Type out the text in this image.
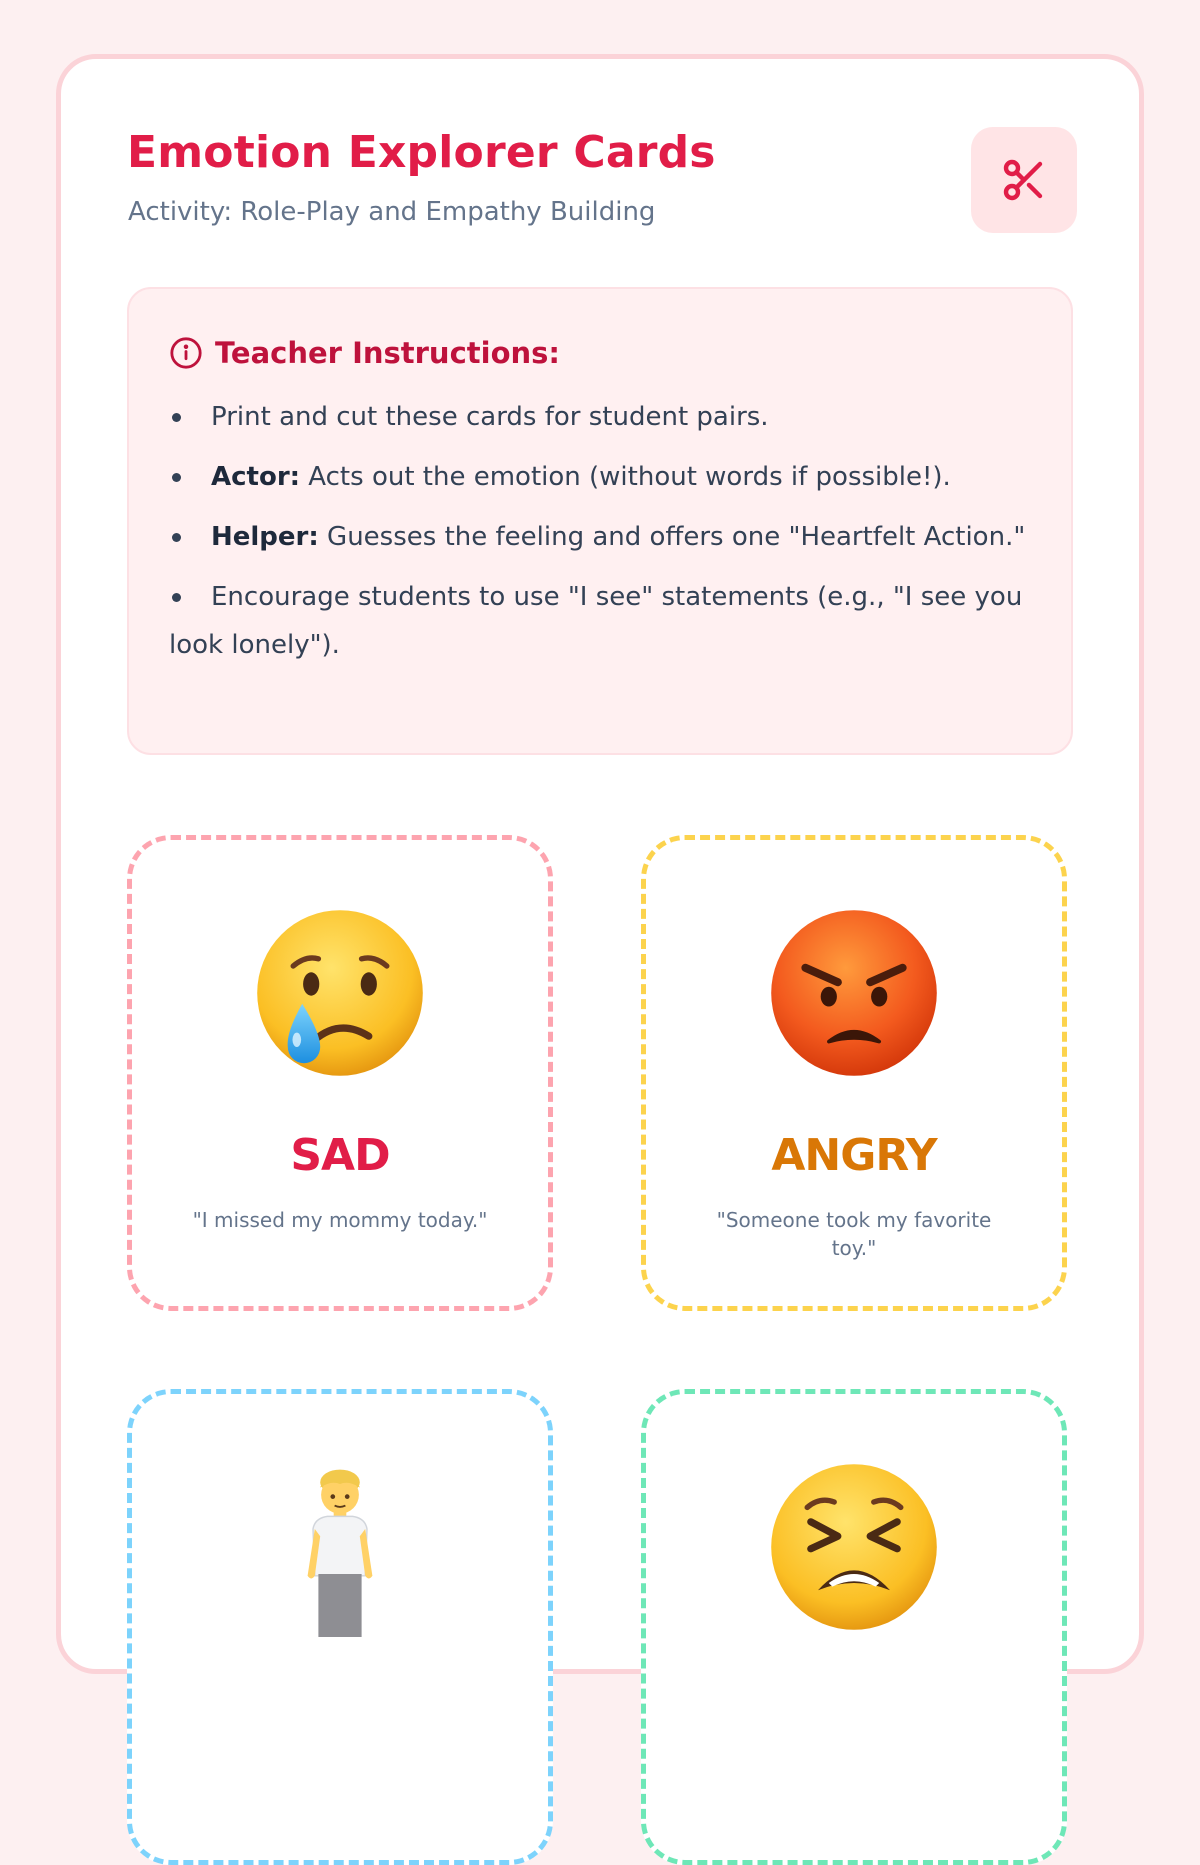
Emotion Explorer Cards
Activity: Role-Play and Empathy Building
Teacher Instructions:
Print and cut these cards for student pairs.
Actor: Acts out the emotion (without words if possible!).
Helper: Guesses the feeling and offers one "Heartfelt Action."
Encourage students to use "I see" statements (e.g., "I see you look lonely").
SAD
"I missed my mommy today."
ANGRY
"Someone took my favorite toy."
